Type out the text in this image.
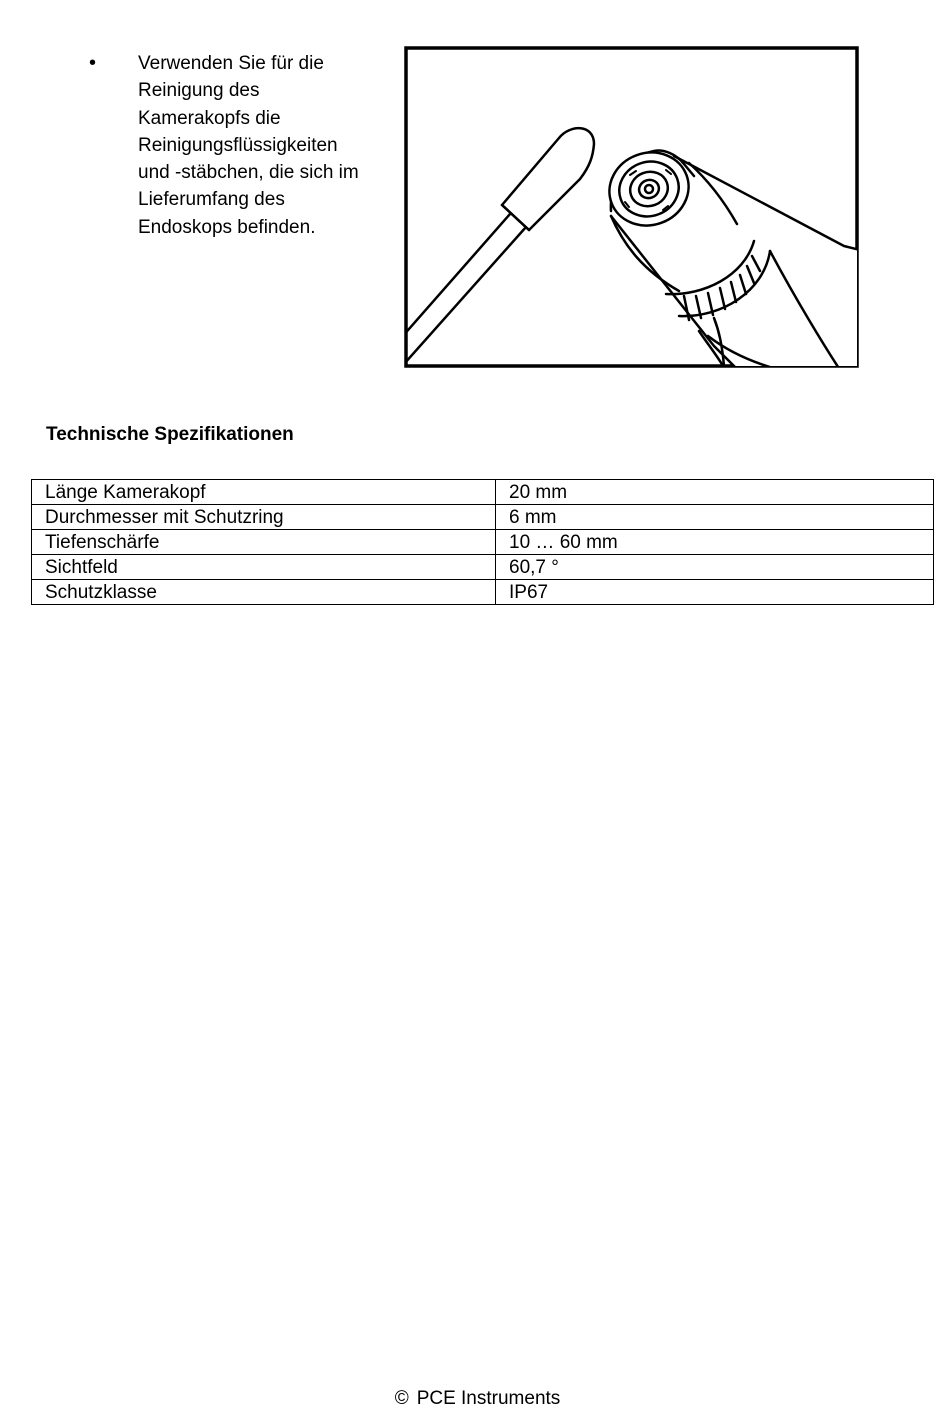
• Verwenden Sie für die
Reinigung des
Kamerakopfs die
Reinigungsflüssigkeiten
und -stäbchen, die sich im
Lieferumfang des
Endoskops befinden.
Technische Spezifikationen
Länge Kamerakopf	20 mm
Durchmesser mit Schutzring	6 mm
Tiefenschärfe	10 … 60 mm
Sichtfeld	60,7 °
Schutzklasse	IP67
© PCE Instruments
